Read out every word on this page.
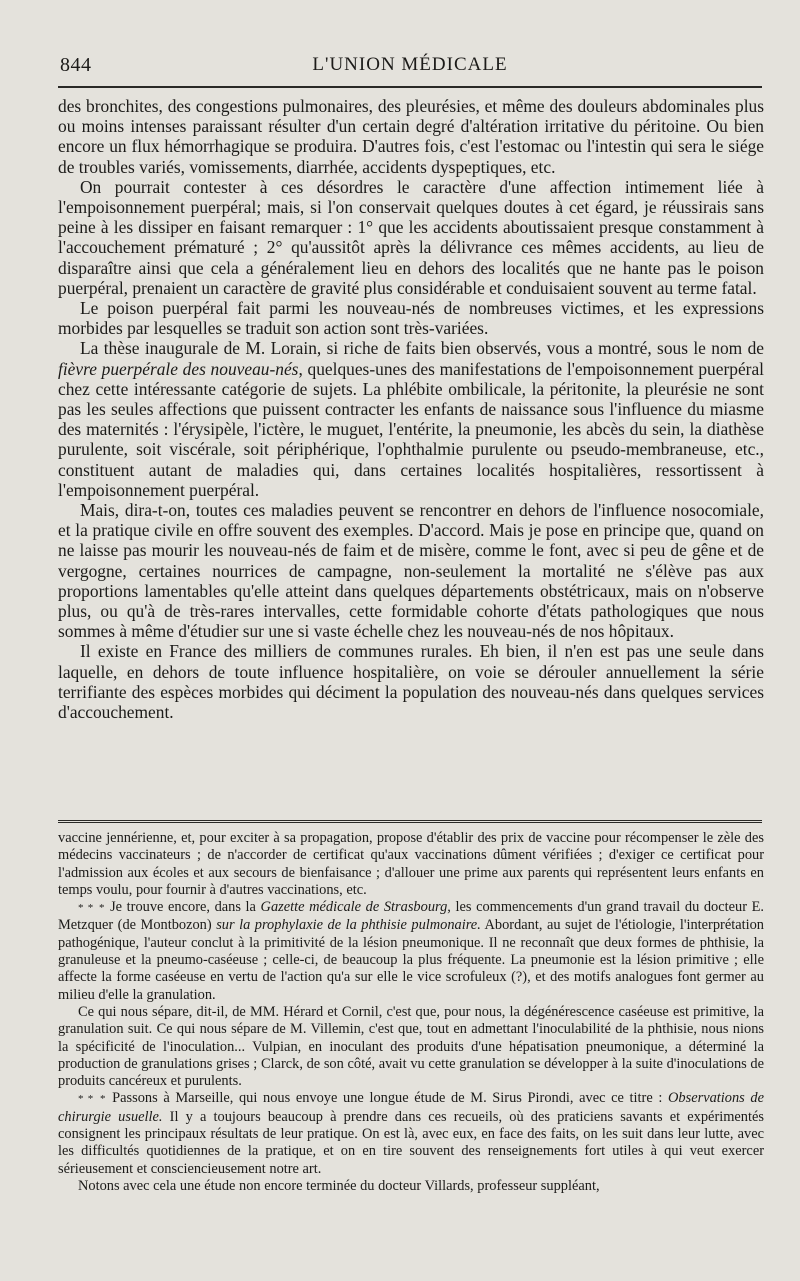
844	L'UNION MÉDICALE

des bronchites, des congestions pulmonaires, des pleurésies, et même des douleurs abdominales plus ou moins intenses paraissant résulter d'un certain degré d'altération irritative du péritoine. Ou bien encore un flux hémorrhagique se produira. D'autres fois, c'est l'estomac ou l'intestin qui sera le siége de troubles variés, vomissements, diarrhée, accidents dyspeptiques, etc.

On pourrait contester à ces désordres le caractère d'une affection intimement liée à l'empoisonnement puerpéral; mais, si l'on conservait quelques doutes à cet égard, je réussirais sans peine à les dissiper en faisant remarquer : 1° que les accidents aboutissaient presque constamment à l'accouchement prématuré ; 2° qu'aussitôt après la délivrance ces mêmes accidents, au lieu de disparaître ainsi que cela a généralement lieu en dehors des localités que ne hante pas le poison puerpéral, prenaient un caractère de gravité plus considérable et conduisaient souvent au terme fatal.

Le poison puerpéral fait parmi les nouveau-nés de nombreuses victimes, et les expressions morbides par lesquelles se traduit son action sont très-variées.

La thèse inaugurale de M. Lorain, si riche de faits bien observés, vous a montré, sous le nom de fièvre puerpérale des nouveau-nés, quelques-unes des manifestations de l'empoisonnement puerpéral chez cette intéressante catégorie de sujets. La phlébite ombilicale, la péritonite, la pleurésie ne sont pas les seules affections que puissent contracter les enfants de naissance sous l'influence du miasme des maternités : l'érysipèle, l'ictère, le muguet, l'entérite, la pneumonie, les abcès du sein, la diathèse purulente, soit viscérale, soit périphérique, l'ophthalmie purulente ou pseudo-membraneuse, etc., constituent autant de maladies qui, dans certaines localités hospitalières, ressortissent à l'empoisonnement puerpéral.

Mais, dira-t-on, toutes ces maladies peuvent se rencontrer en dehors de l'influence nosocomiale, et la pratique civile en offre souvent des exemples. D'accord. Mais je pose en principe que, quand on ne laisse pas mourir les nouveau-nés de faim et de misère, comme le font, avec si peu de gêne et de vergogne, certaines nourrices de campagne, non-seulement la mortalité ne s'élève pas aux proportions lamentables qu'elle atteint dans quelques départements obstétricaux, mais on n'observe plus, ou qu'à de très-rares intervalles, cette formidable cohorte d'états pathologiques que nous sommes à même d'étudier sur une si vaste échelle chez les nouveau-nés de nos hôpitaux.

Il existe en France des milliers de communes rurales. Eh bien, il n'en est pas une seule dans laquelle, en dehors de toute influence hospitalière, on voie se dérouler annuellement la série terrifiante des espèces morbides qui déciment la population des nouveau-nés dans quelques services d'accouchement.

vaccine jennérienne, et, pour exciter à sa propagation, propose d'établir des prix de vaccine pour récompenser le zèle des médecins vaccinateurs ; de n'accorder de certificat qu'aux vaccinations dûment vérifiées ; d'exiger ce certificat pour l'admission aux écoles et aux secours de bienfaisance ; d'allouer une prime aux parents qui représentent leurs enfants en temps voulu, pour fournir à d'autres vaccinations, etc.

* * * Je trouve encore, dans la Gazette médicale de Strasbourg, les commencements d'un grand travail du docteur E. Metzquer (de Montbozon) sur la prophylaxie de la phthisie pulmonaire. Abordant, au sujet de l'étiologie, l'interprétation pathogénique, l'auteur conclut à la primitivité de la lésion pneumonique. Il ne reconnaît que deux formes de phthisie, la granuleuse et la pneumo-caséeuse ; celle-ci, de beaucoup la plus fréquente. La pneumonie est la lésion primitive ; elle affecte la forme caséeuse en vertu de l'action qu'a sur elle le vice scrofuleux (?), et des motifs analogues font germer au milieu d'elle la granulation.

Ce qui nous sépare, dit-il, de MM. Hérard et Cornil, c'est que, pour nous, la dégénérescence caséeuse est primitive, la granulation suit. Ce qui nous sépare de M. Villemin, c'est que, tout en admettant l'inoculabilité de la phthisie, nous nions la spécificité de l'inoculation... Vulpian, en inoculant des produits d'une hépatisation pneumonique, a déterminé la production de granulations grises ; Clarck, de son côté, avait vu cette granulation se développer à la suite d'inoculations de produits cancéreux et purulents.

* * * Passons à Marseille, qui nous envoye une longue étude de M. Sirus Pirondi, avec ce titre : Observations de chirurgie usuelle. Il y a toujours beaucoup à prendre dans ces recueils, où des praticiens savants et expérimentés consignent les principaux résultats de leur pratique. On est là, avec eux, en face des faits, on les suit dans leur lutte, avec les difficultés quotidiennes de la pratique, et on en tire souvent des renseignements fort utiles à qui veut exercer sérieusement et consciencieusement notre art.

Notons avec cela une étude non encore terminée du docteur Villards, professeur suppléant,
